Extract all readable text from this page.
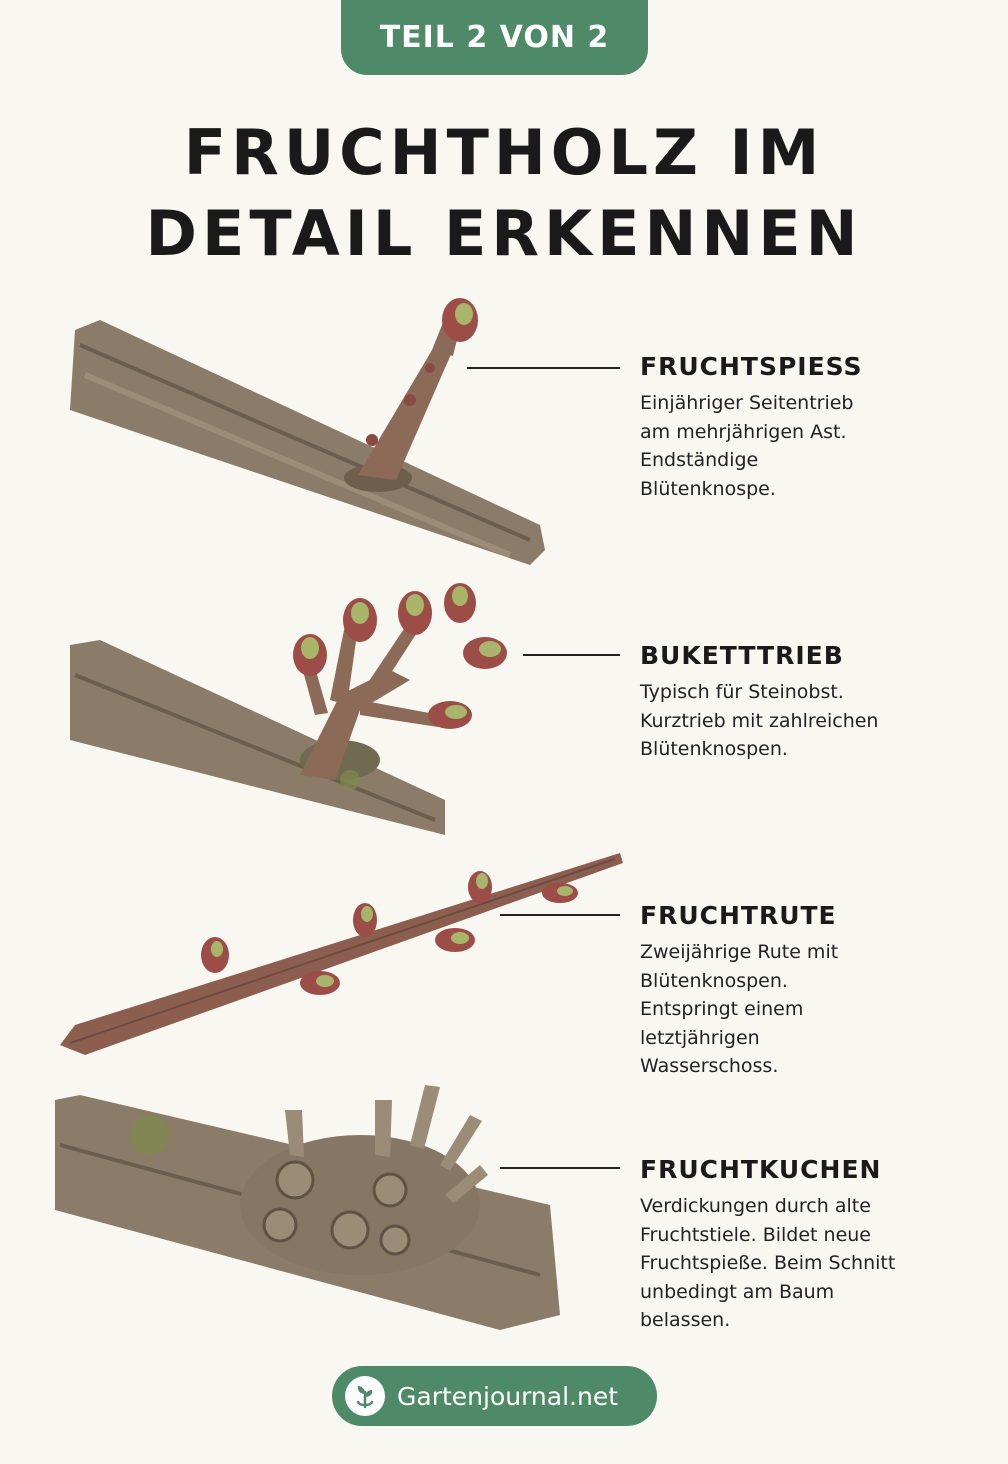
TEIL 2 VON 2
FRUCHTHOLZ IM
DETAIL ERKENNEN
FRUCHTSPIESS
Einjähriger Seitentrieb
am mehrjährigen Ast.
Endständige
Blütenknospe.
BUKETTTRIEB
Typisch für Steinobst.
Kurztrieb mit zahlreichen
Blütenknospen.
FRUCHTRUTE
Zweijährige Rute mit
Blütenknospen.
Entspringt einem
letztjährigen
Wasserschoss.
FRUCHTKUCHEN
Verdickungen durch alte
Fruchtstiele. Bildet neue
Fruchtspieße. Beim Schnitt
unbedingt am Baum
belassen.
Gartenjournal.net
